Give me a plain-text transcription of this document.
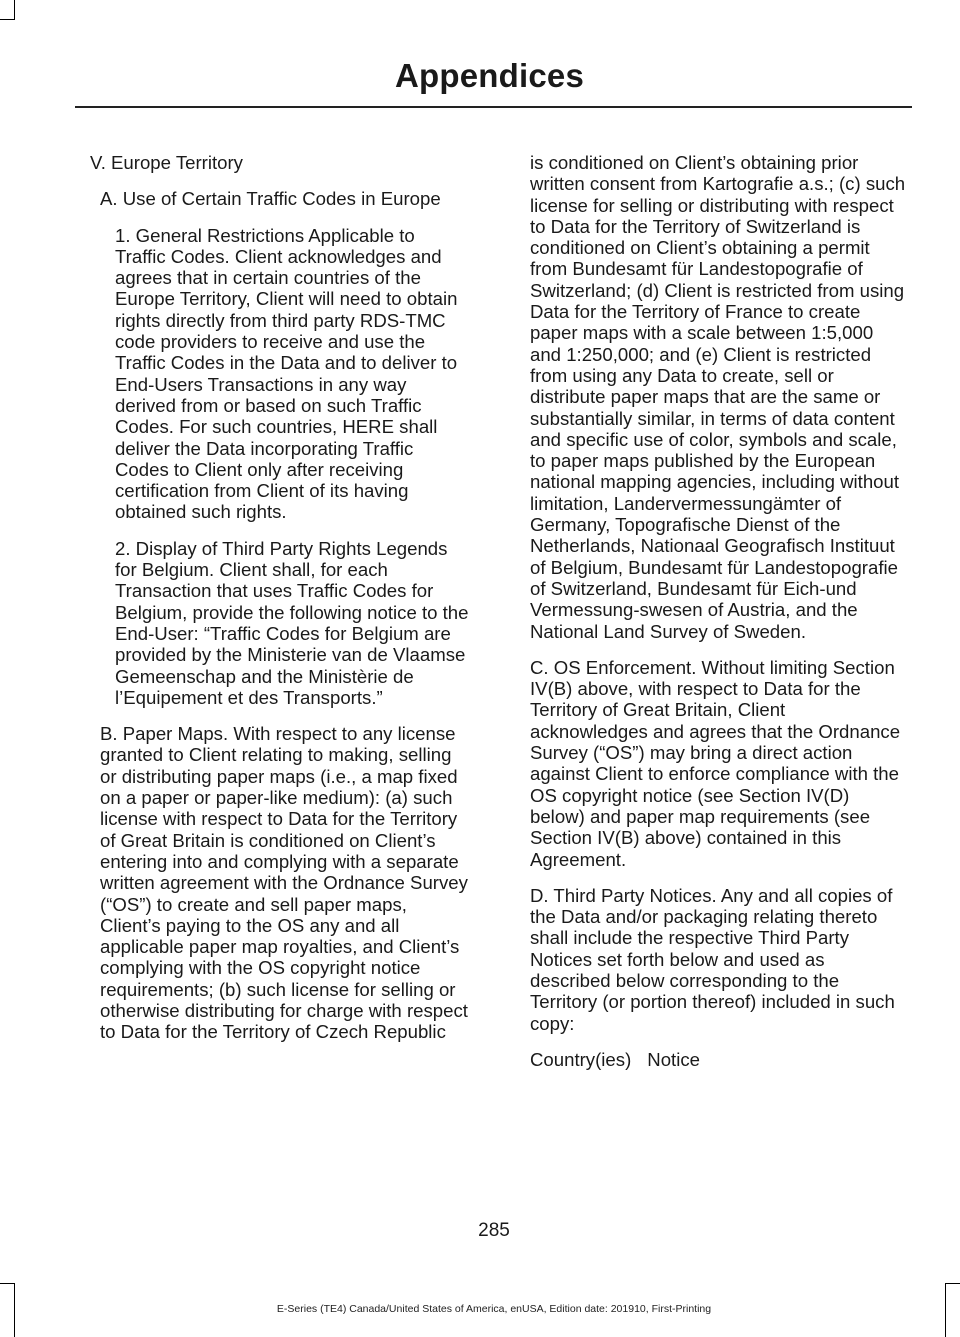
Appendices

V. Europe Territory

A. Use of Certain Traffic Codes in Europe

1. General Restrictions Applicable to Traffic Codes. Client acknowledges and agrees that in certain countries of the Europe Territory, Client will need to obtain rights directly from third party RDS-TMC code providers to receive and use the Traffic Codes in the Data and to deliver to End-Users Transactions in any way derived from or based on such Traffic Codes. For such countries, HERE shall deliver the Data incorporating Traffic Codes to Client only after receiving certification from Client of its having obtained such rights.

2. Display of Third Party Rights Legends for Belgium. Client shall, for each Transaction that uses Traffic Codes for Belgium, provide the following notice to the End-User: “Traffic Codes for Belgium are provided by the Ministerie van de Vlaamse Gemeenschap and the Ministèrie de l’Equipement et des Transports.”

B. Paper Maps. With respect to any license granted to Client relating to making, selling or distributing paper maps (i.e., a map fixed on a paper or paper-like medium): (a) such license with respect to Data for the Territory of Great Britain is conditioned on Client’s entering into and complying with a separate written agreement with the Ordnance Survey (“OS”) to create and sell paper maps, Client’s paying to the OS any and all applicable paper map royalties, and Client’s complying with the OS copyright notice requirements; (b) such license for selling or otherwise distributing for charge with respect to Data for the Territory of Czech Republic

is conditioned on Client’s obtaining prior written consent from Kartografie a.s.; (c) such license for selling or distributing with respect to Data for the Territory of Switzerland is conditioned on Client’s obtaining a permit from Bundesamt für Landestopografie of Switzerland; (d) Client is restricted from using Data for the Territory of France to create paper maps with a scale between 1:5,000 and 1:250,000; and (e) Client is restricted from using any Data to create, sell or distribute paper maps that are the same or substantially similar, in terms of data content and specific use of color, symbols and scale, to paper maps published by the European national mapping agencies, including without limitation, Landervermessungämter of Germany, Topografische Dienst of the Netherlands, Nationaal Geografisch Instituut of Belgium, Bundesamt für Landestopografie of Switzerland, Bundesamt für Eich-und Vermessung-swesen of Austria, and the National Land Survey of Sweden.

C. OS Enforcement. Without limiting Section IV(B) above, with respect to Data for the Territory of Great Britain, Client acknowledges and agrees that the Ordnance Survey (“OS”) may bring a direct action against Client to enforce compliance with the OS copyright notice (see Section IV(D) below) and paper map requirements (see Section IV(B) above) contained in this Agreement.

D. Third Party Notices. Any and all copies of the Data and/or packaging relating thereto shall include the respective Third Party Notices set forth below and used as described below corresponding to the Territory (or portion thereof) included in such copy:

Country(ies) Notice
285
E-Series (TE4) Canada/United States of America, enUSA, Edition date: 201910, First-Printing
